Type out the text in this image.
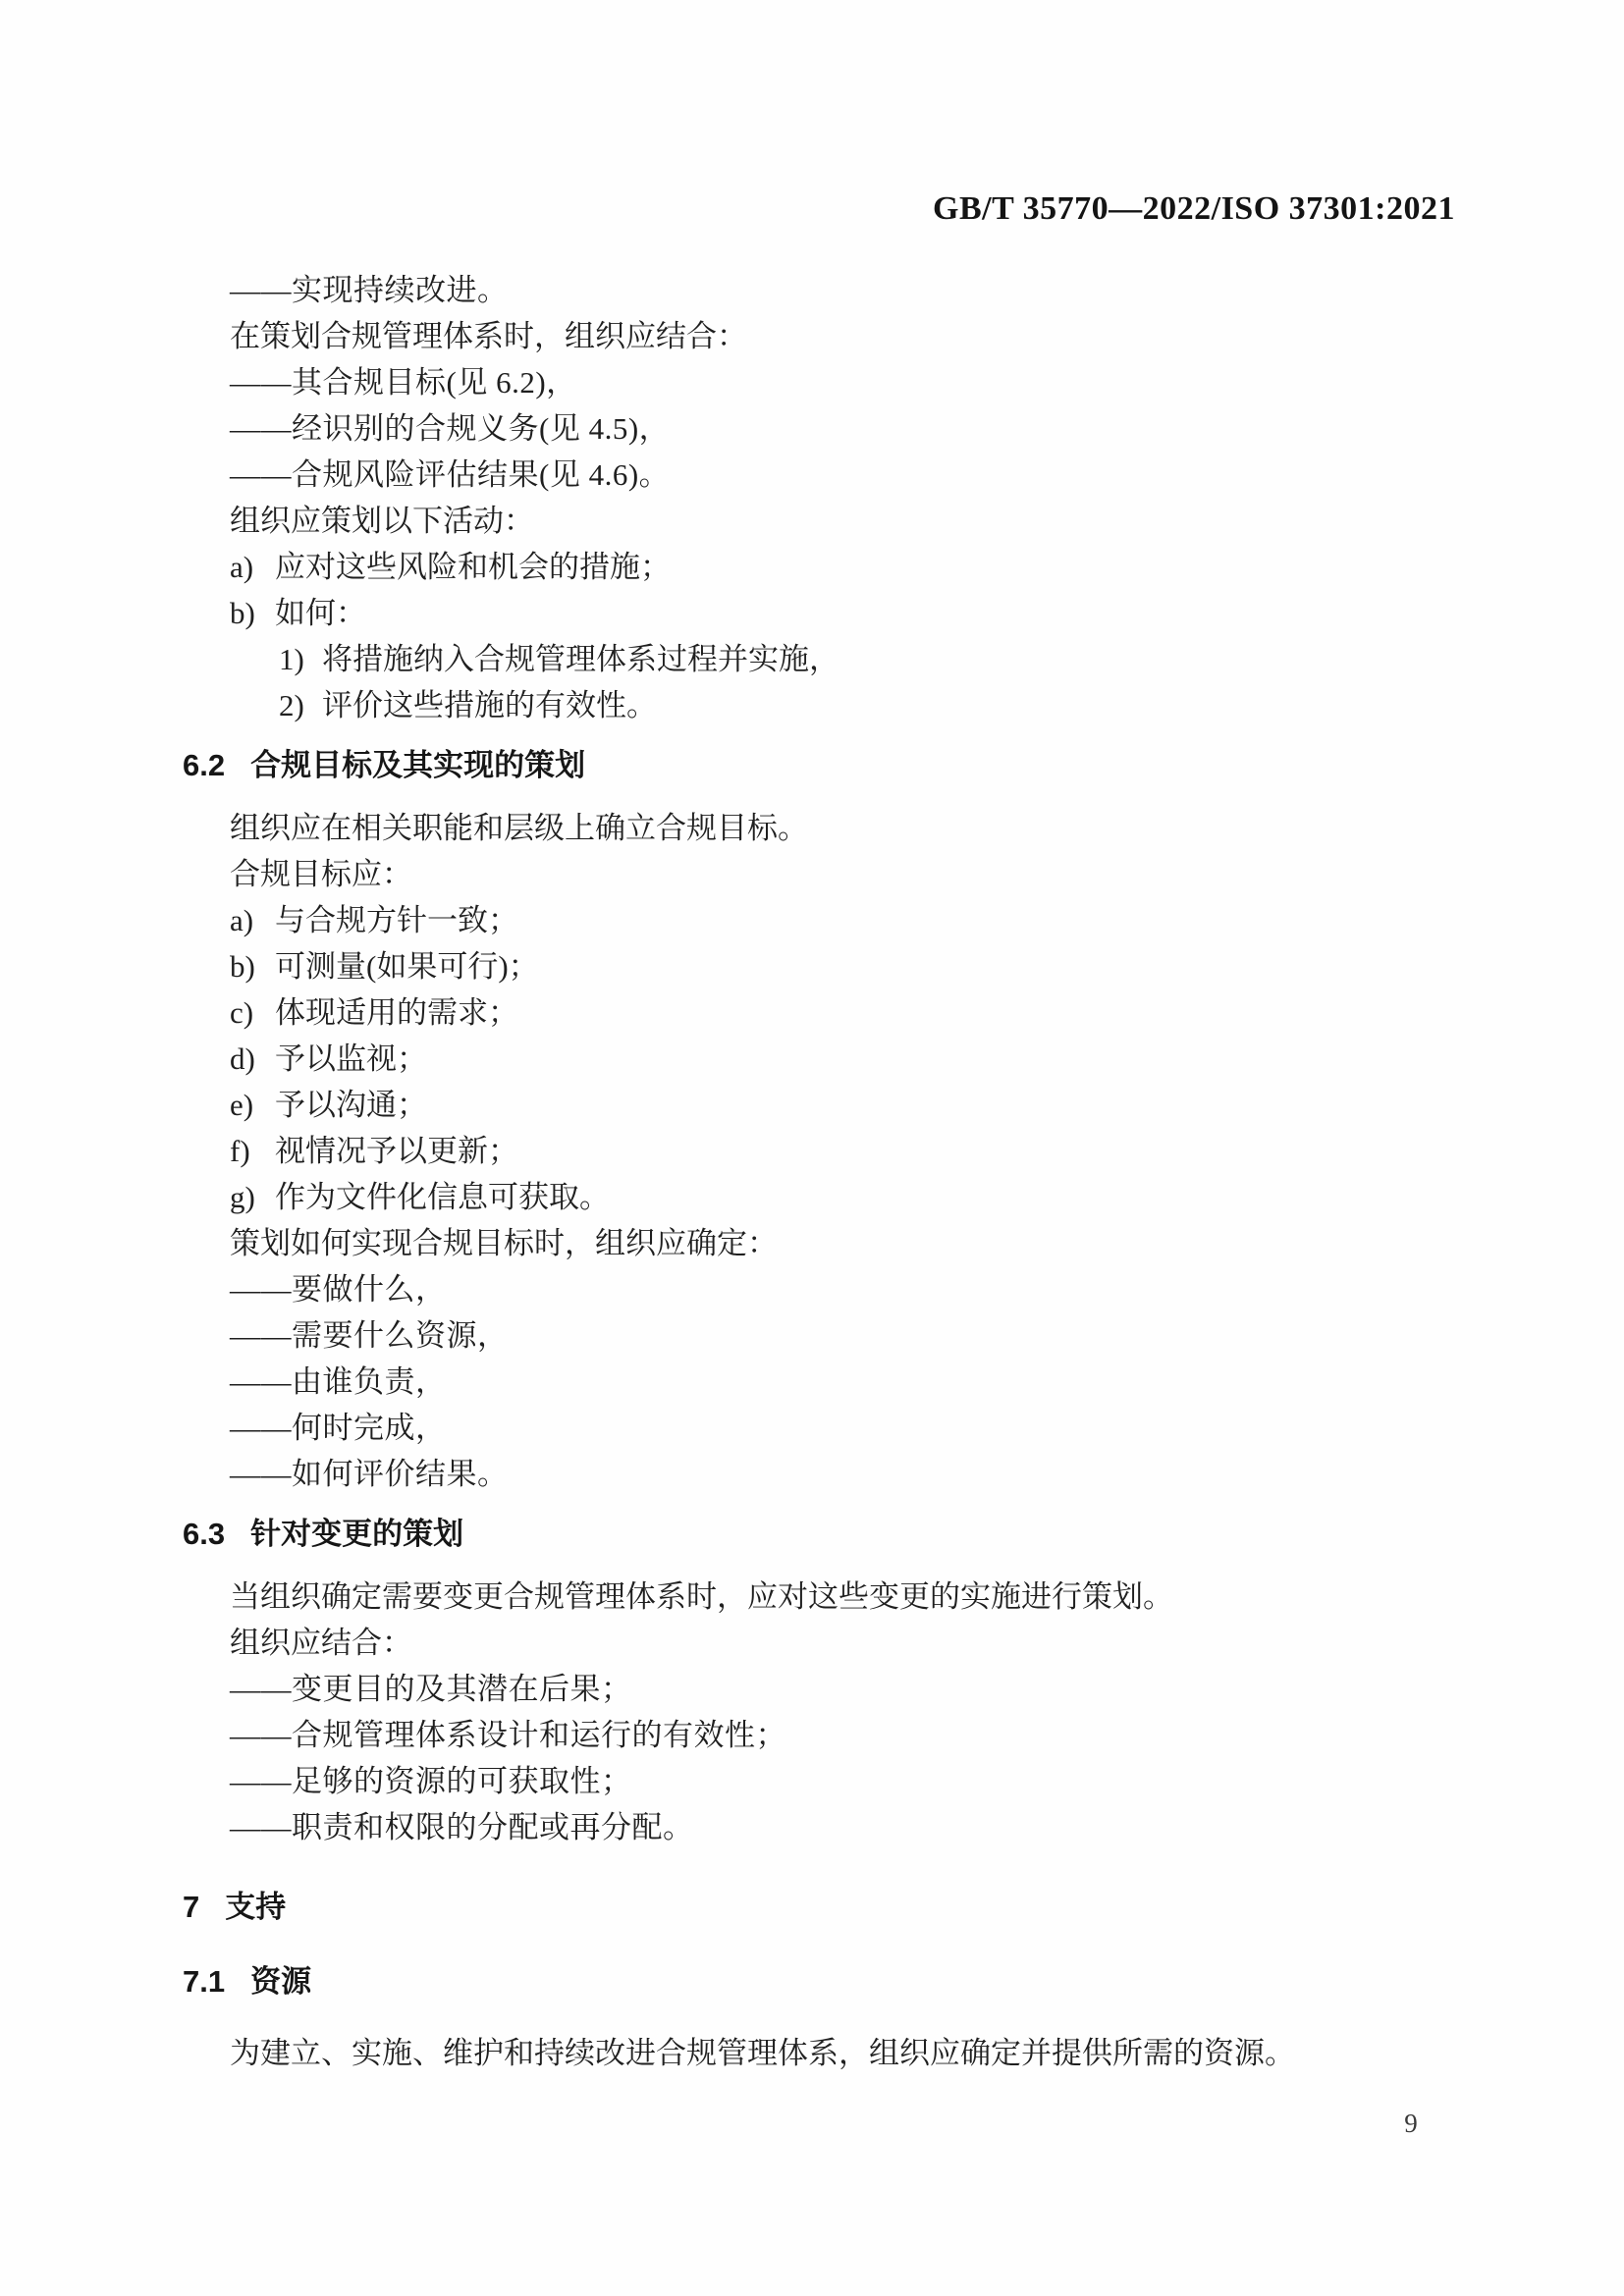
GB/T 35770—2022/ISO 37301:2021
——实现持续改进。
在策划合规管理体系时，组织应结合：
——其合规目标(见 6.2)，
——经识别的合规义务(见 4.5)，
——合规风险评估结果(见 4.6)。
组织应策划以下活动：
a) 应对这些风险和机会的措施；
b) 如何：
1) 将措施纳入合规管理体系过程并实施，
2) 评价这些措施的有效性。
6.2 合规目标及其实现的策划
组织应在相关职能和层级上确立合规目标。
合规目标应：
a) 与合规方针一致；
b) 可测量(如果可行)；
c) 体现适用的需求；
d) 予以监视；
e) 予以沟通；
f) 视情况予以更新；
g) 作为文件化信息可获取。
策划如何实现合规目标时，组织应确定：
——要做什么，
——需要什么资源，
——由谁负责，
——何时完成，
——如何评价结果。
6.3 针对变更的策划
当组织确定需要变更合规管理体系时，应对这些变更的实施进行策划。
组织应结合：
——变更目的及其潜在后果；
——合规管理体系设计和运行的有效性；
——足够的资源的可获取性；
——职责和权限的分配或再分配。
7 支持
7.1 资源
为建立、实施、维护和持续改进合规管理体系，组织应确定并提供所需的资源。
9
